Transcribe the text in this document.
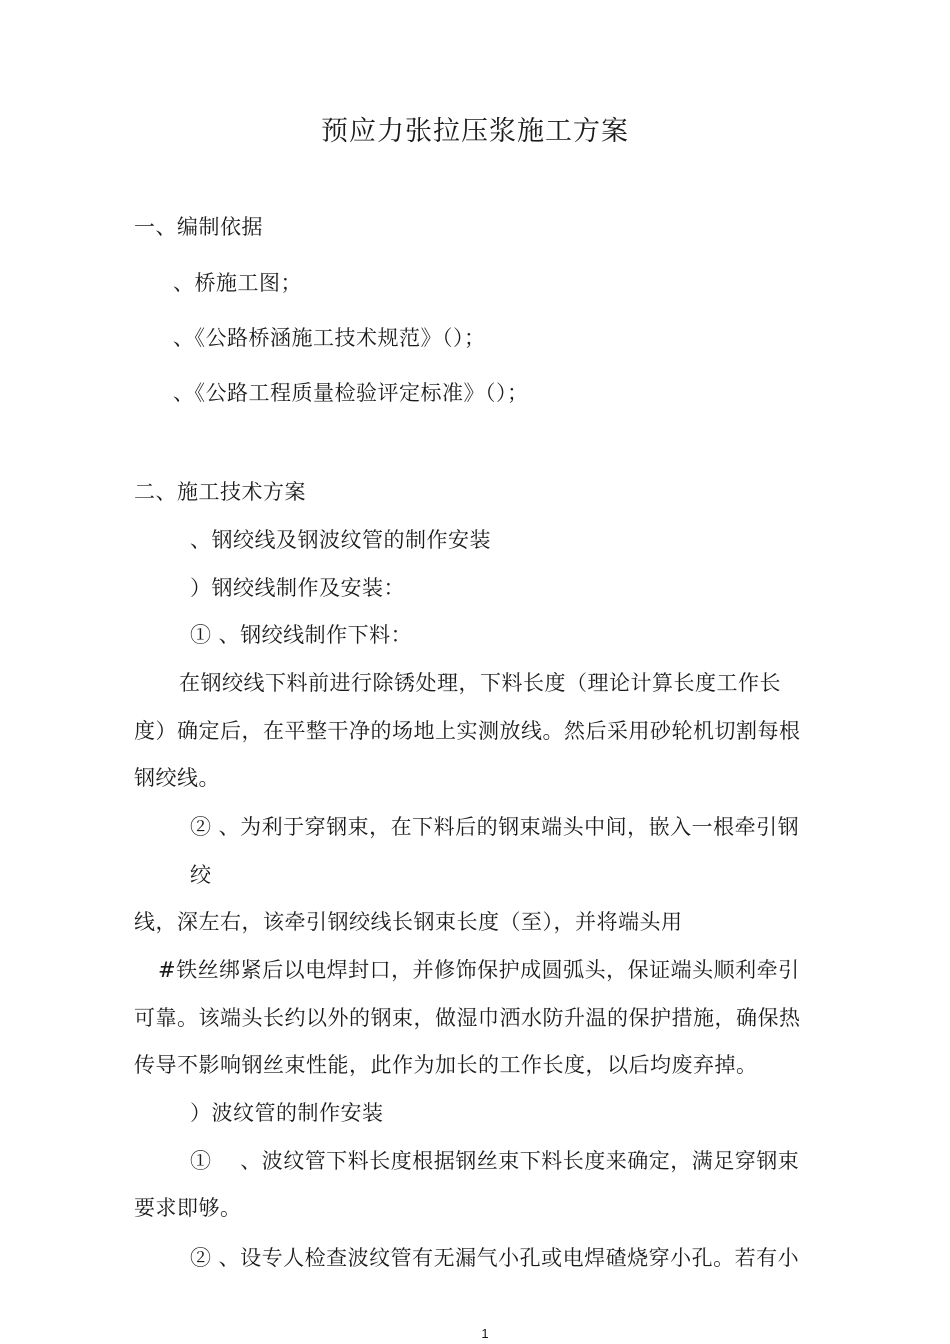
预应力张拉压浆施工方案
一、编制依据
、桥施工图；
、《公路桥涵施工技术规范》（）；
、《公路工程质量检验评定标准》（）；
二、施工技术方案
、钢绞线及钢波纹管的制作安装
）钢绞线制作及安装：
① 、钢绞线制作下料：
在钢绞线下料前进行除锈处理，下料长度（理论计算长度工作长
度）确定后，在平整干净的场地上实测放线。然后采用砂轮机切割每根
钢绞线。
② 、为利于穿钢束，在下料后的钢束端头中间，嵌入一根牵引钢
绞
线，深左右，该牵引钢绞线长钢束长度（至），并将端头用
#铁丝绑紧后以电焊封口，并修饰保护成圆弧头，保证端头顺利牵引
可靠。该端头长约以外的钢束，做湿巾洒水防升温的保护措施，确保热
传导不影响钢丝束性能，此作为加长的工作长度，以后均废弃掉。
）波纹管的制作安装
①    、波纹管下料长度根据钢丝束下料长度来确定，满足穿钢束
要求即够。
② 、设专人检查波纹管有无漏气小孔或电焊碴烧穿小孔。若有小
1
